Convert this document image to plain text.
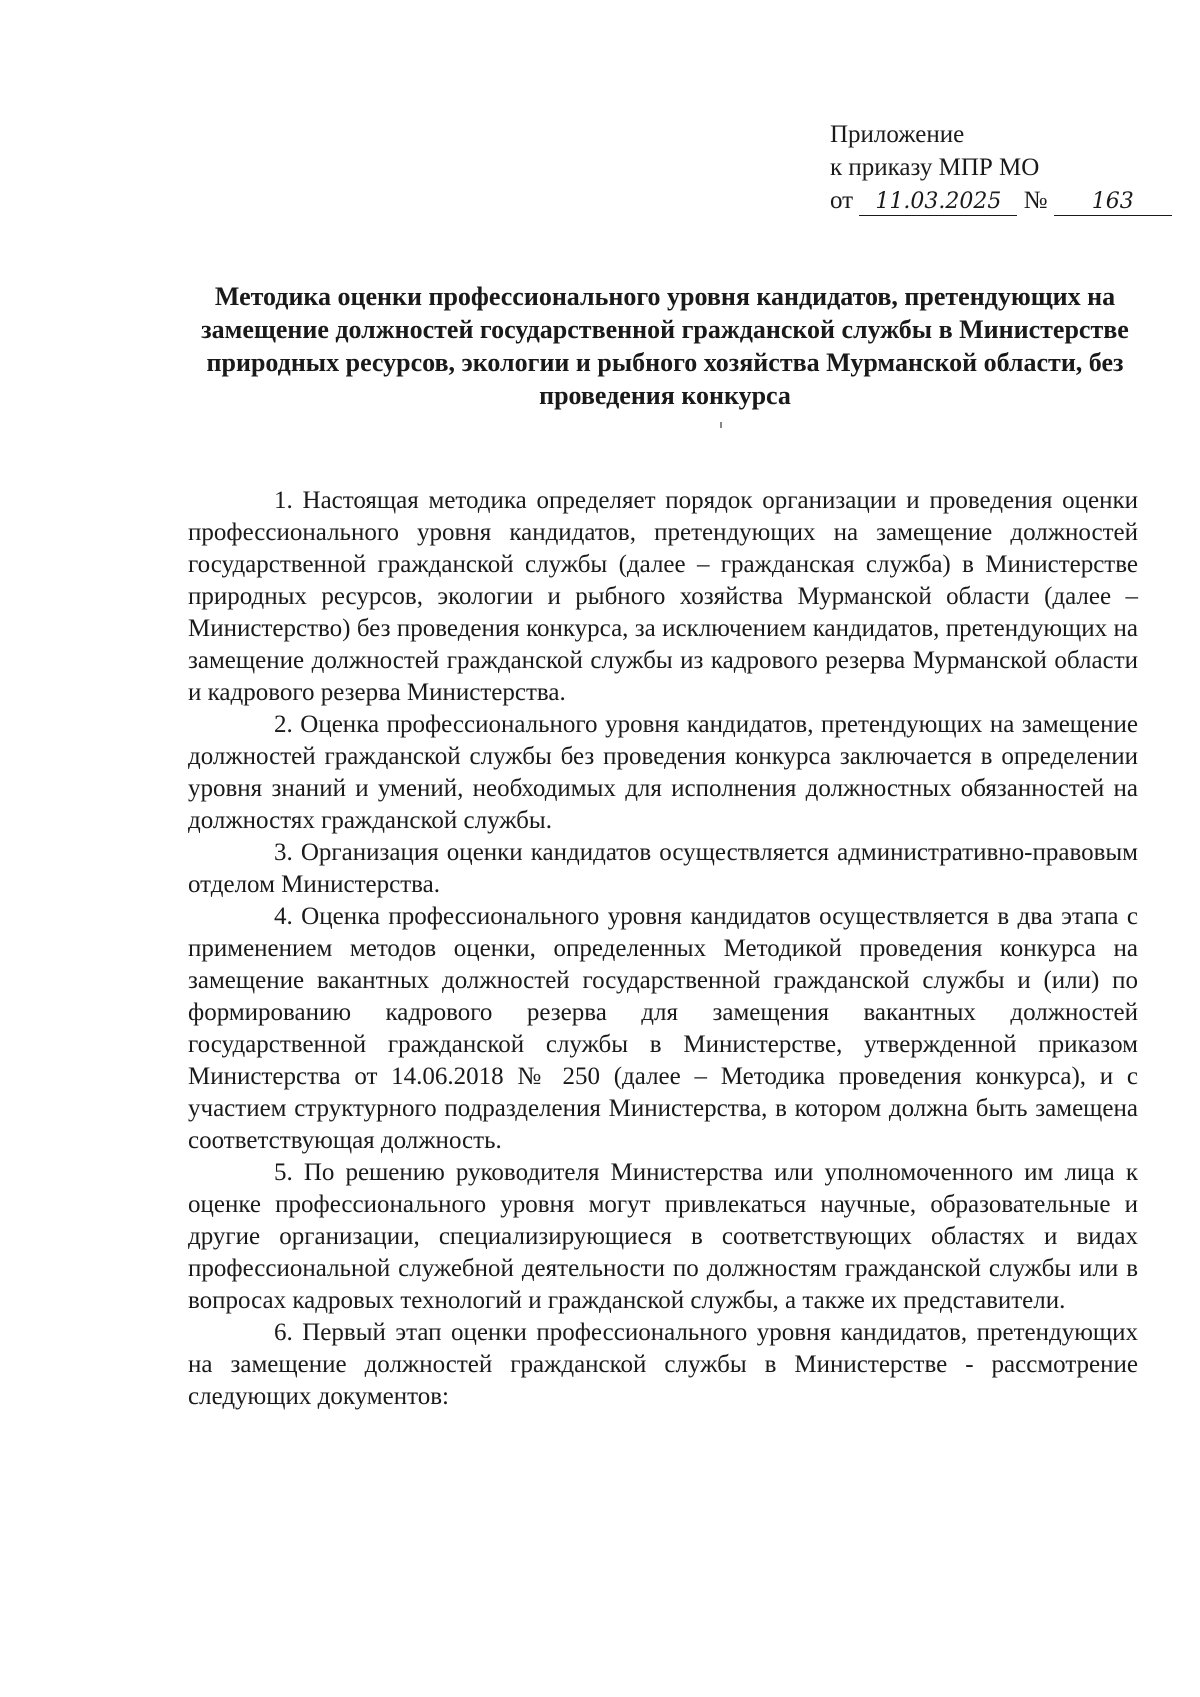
Приложение
к приказу МПР МО
от 11.03.2025 № 163
Методика оценки профессионального уровня кандидатов, претендующих на замещение должностей государственной гражданской службы в Министерстве природных ресурсов, экологии и рыбного хозяйства Мурманской области, без проведения конкурса

1. Настоящая методика определяет порядок организации и проведения оценки профессионального уровня кандидатов, претендующих на замещение должностей государственной гражданской службы (далее – гражданская служба) в Министерстве природных ресурсов, экологии и рыбного хозяйства Мурманской области (далее – Министерство) без проведения конкурса, за исключением кандидатов, претендующих на замещение должностей гражданской службы из кадрового резерва Мурманской области и кадрового резерва Министерства.

2. Оценка профессионального уровня кандидатов, претендующих на замещение должностей гражданской службы без проведения конкурса заключается в определении уровня знаний и умений, необходимых для исполнения должностных обязанностей на должностях гражданской службы.

3. Организация оценки кандидатов осуществляется административно-правовым отделом Министерства.

4. Оценка профессионального уровня кандидатов осуществляется в два этапа с применением методов оценки, определенных Методикой проведения конкурса на замещение вакантных должностей государственной гражданской службы и (или) по формированию кадрового резерва для замещения вакантных должностей государственной гражданской службы в Министерстве, утвержденной приказом Министерства от 14.06.2018 № 250 (далее – Методика проведения конкурса), и с участием структурного подразделения Министерства, в котором должна быть замещена соответствующая должность.

5. По решению руководителя Министерства или уполномоченного им лица к оценке профессионального уровня могут привлекаться научные, образовательные и другие организации, специализирующиеся в соответствующих областях и видах профессиональной служебной деятельности по должностям гражданской службы или в вопросах кадровых технологий и гражданской службы, а также их представители.

6. Первый этап оценки профессионального уровня кандидатов, претендующих на замещение должностей гражданской службы в Министерстве - рассмотрение следующих документов:
